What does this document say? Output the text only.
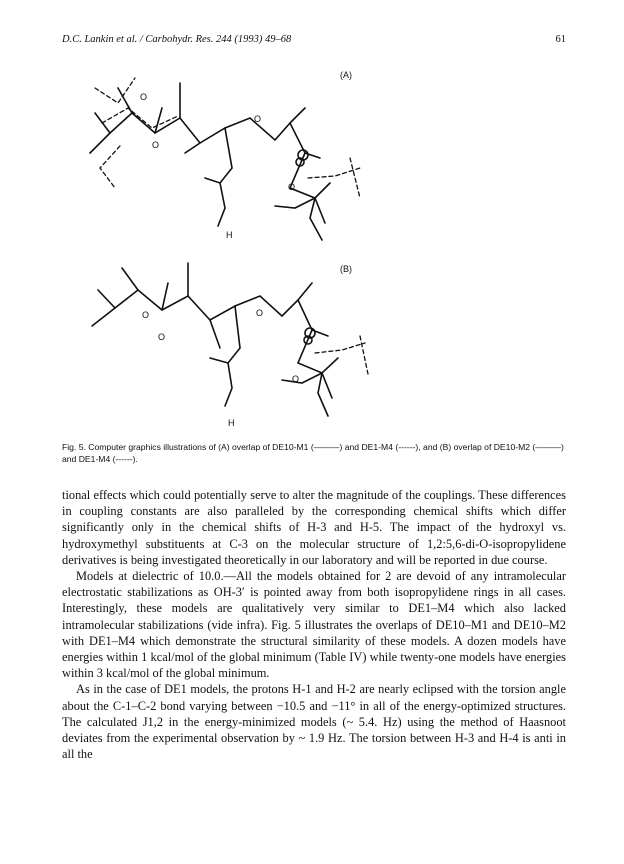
D.C. Lankin et al. / Carbohydr. Res. 244 (1993) 49–68	61
(A)
(B)
O
O
O
O
H
O
O
O
O
H
Fig. 5. Computer graphics illustrations of (A) overlap of DE10-M1 (———) and DE1-M4 (------), and (B) overlap of DE10-M2 (———) and DE1-M4 (------).

tional effects which could potentially serve to alter the magnitude of the couplings. These differences in coupling constants are also paralleled by the corresponding chemical shifts which differ significantly only in the chemical shifts of H-3 and H-5. The impact of the hydroxyl vs. hydroxymethyl substituents at C-3 on the molecular structure of 1,2:5,6-di-O-isopropylidene derivatives is being investigated theoretically in our laboratory and will be reported in due course.

Models at dielectric of 10.0.—All the models obtained for 2 are devoid of any intramolecular electrostatic stabilizations as OH-3′ is pointed away from both isopropylidene rings in all cases. Interestingly, these models are qualitatively very similar to DE1–M4 which also lacked intramolecular stabilizations (vide infra). Fig. 5 illustrates the overlaps of DE10–M1 and DE10–M2 with DE1–M4 which demonstrate the structural similarity of these models. A dozen models have energies within 1 kcal/mol of the global minimum (Table IV) while twenty-one models have energies within 3 kcal/mol of the global minimum.

As in the case of DE1 models, the protons H-1 and H-2 are nearly eclipsed with the torsion angle about the C-1–C-2 bond varying between −10.5 and −11° in all of the energy-optimized structures. The calculated J1,2 in the energy-minimized models (~ 5.4. Hz) using the method of Haasnoot deviates from the experimental observation by ~ 1.9 Hz. The torsion between H-3 and H-4 is anti in all the
